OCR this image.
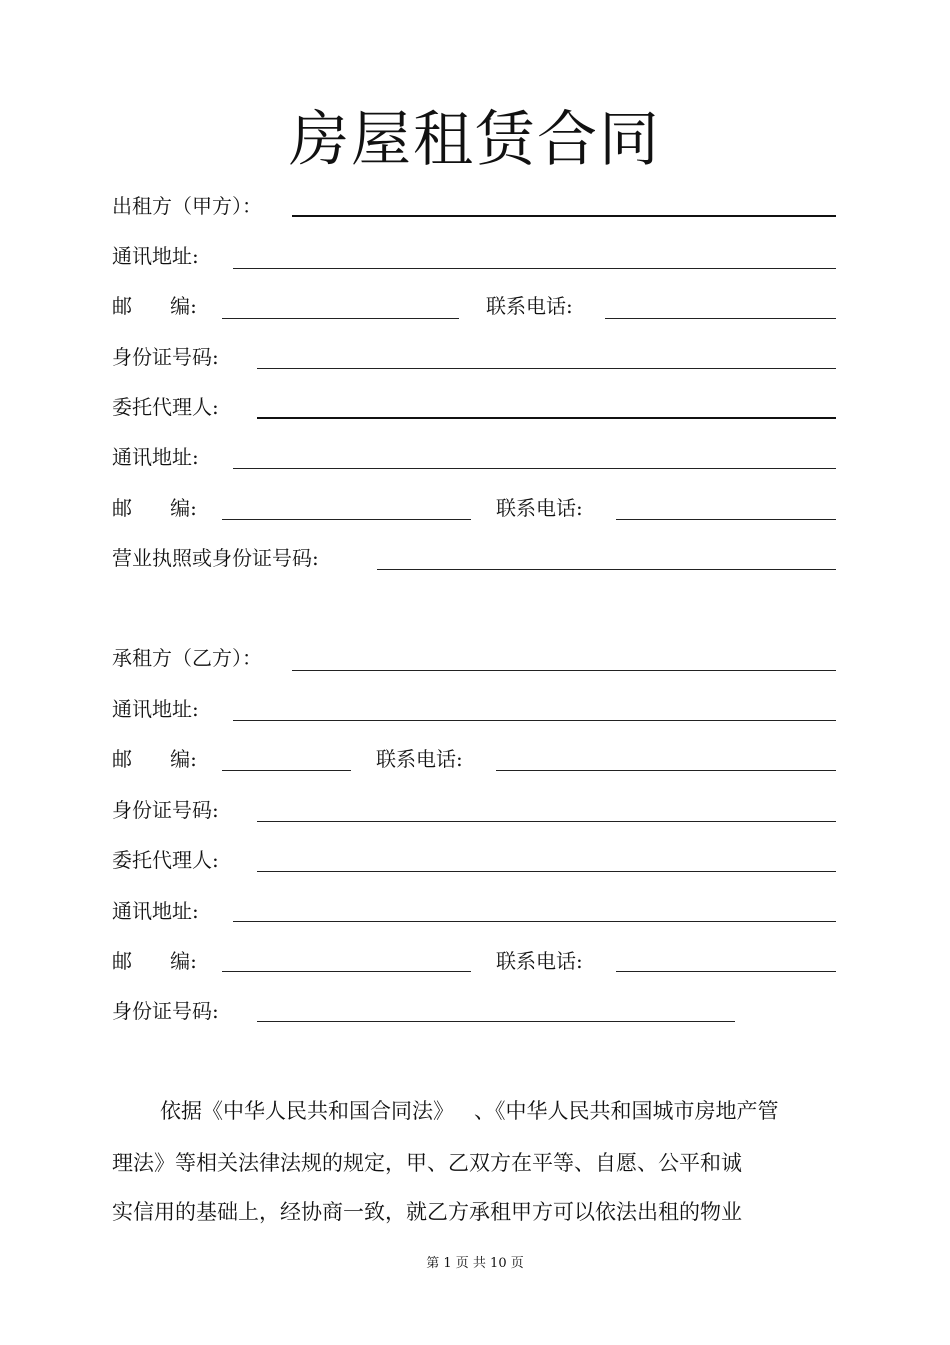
房屋租赁合同
出租方（甲方）：
通讯地址:
邮      编:	联系电话:
身份证号码:
委托代理人:
通讯地址:
邮      编:	联系电话:
营业执照或身份证号码:
承租方（乙方）：
通讯地址:
邮      编:	联系电话:
身份证号码:
委托代理人:
通讯地址:
邮      编:	联系电话:
身份证号码:
依据《中华人民共和国合同法》   、《中华人民共和国城市房地产管
理法》等相关法律法规的规定，甲、乙双方在平等、自愿、公平和诚
实信用的基础上，经协商一致，就乙方承租甲方可以依法出租的物业
第 1 页 共 10 页
